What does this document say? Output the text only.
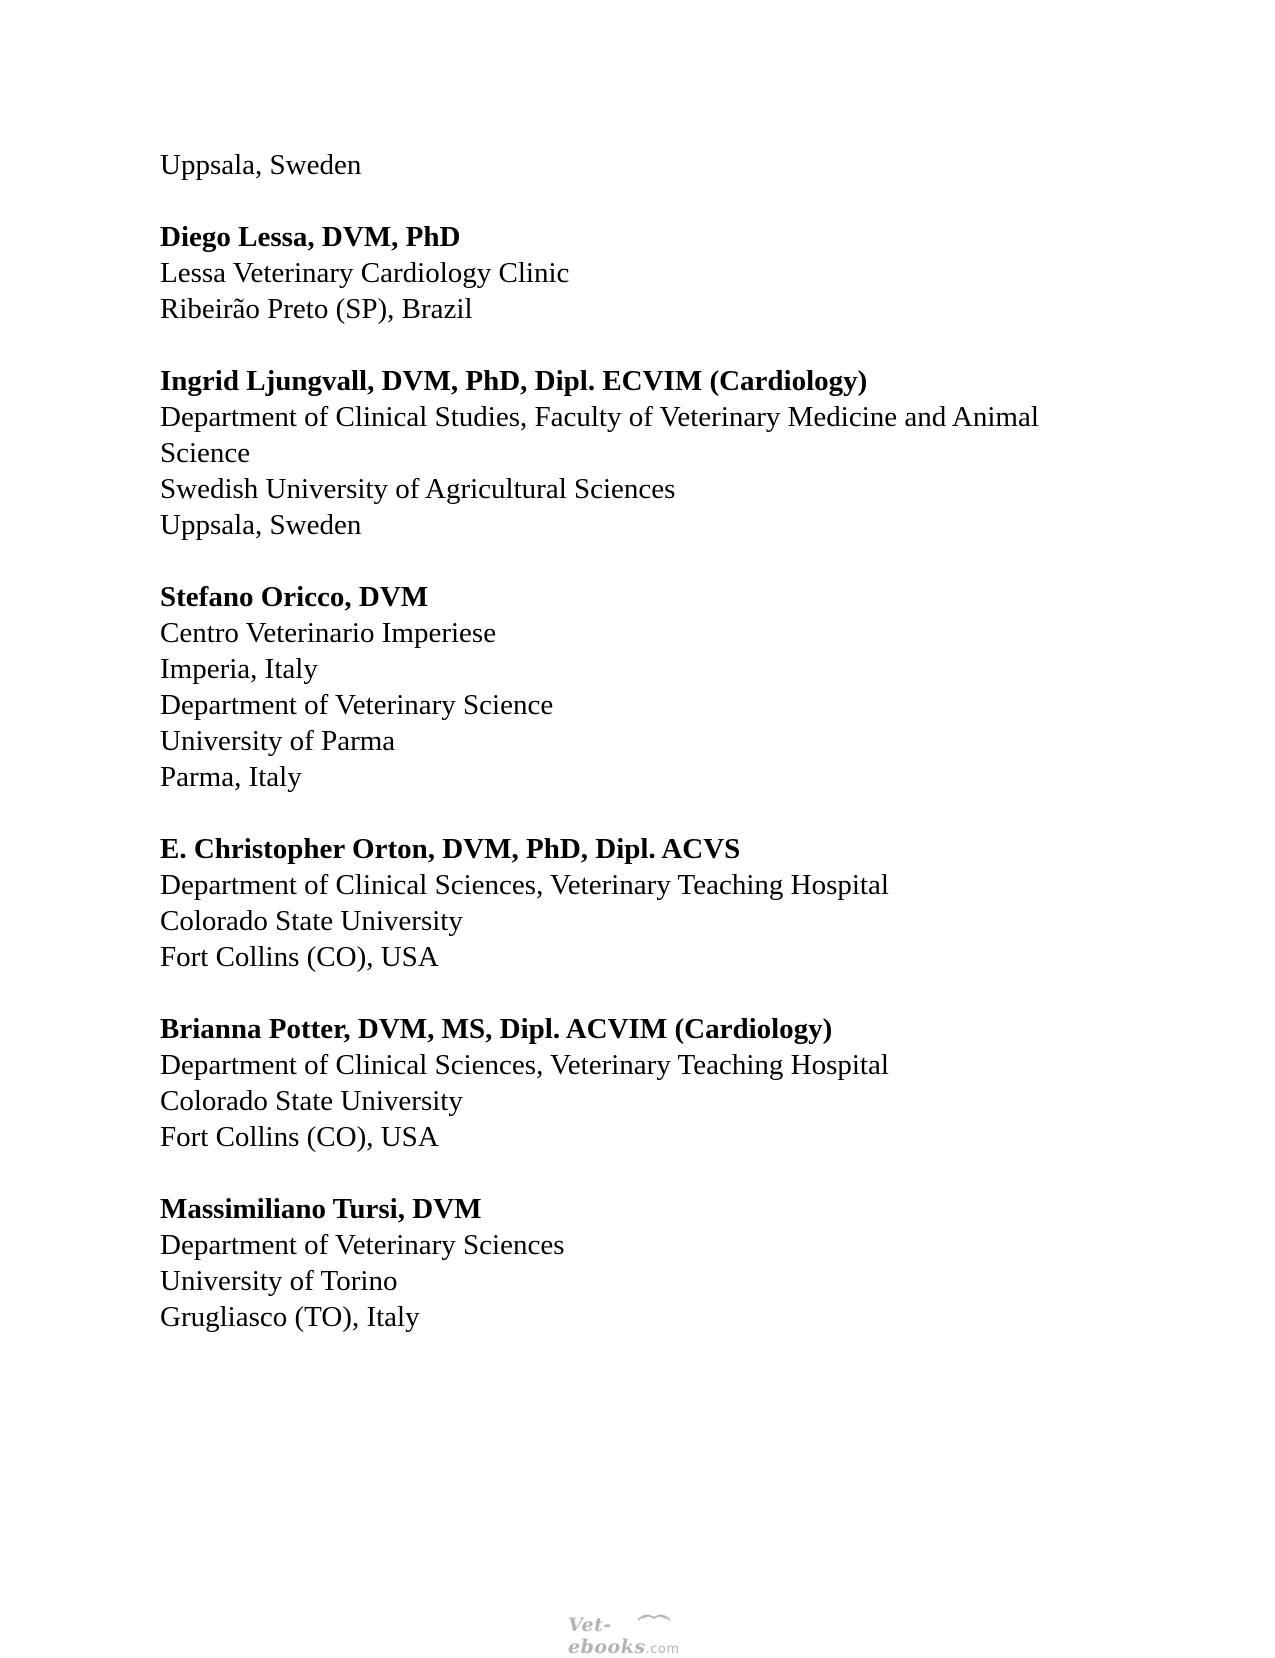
Uppsala, Sweden

Diego Lessa, DVM, PhD

Lessa Veterinary Cardiology Clinic

Ribeirão Preto (SP), Brazil

Ingrid Ljungvall, DVM, PhD, Dipl. ECVIM (Cardiology)

Department of Clinical Studies, Faculty of Veterinary Medicine and Animal

Science

Swedish University of Agricultural Sciences

Uppsala, Sweden

Stefano Oricco, DVM

Centro Veterinario Imperiese

Imperia, Italy

Department of Veterinary Science

University of Parma

Parma, Italy

E. Christopher Orton, DVM, PhD, Dipl. ACVS

Department of Clinical Sciences, Veterinary Teaching Hospital

Colorado State University

Fort Collins (CO), USA

Brianna Potter, DVM, MS, Dipl. ACVIM (Cardiology)

Department of Clinical Sciences, Veterinary Teaching Hospital

Colorado State University

Fort Collins (CO), USA

Massimiliano Tursi, DVM

Department of Veterinary Sciences

University of Torino

Grugliasco (TO), Italy

Vet-ebooks.com
